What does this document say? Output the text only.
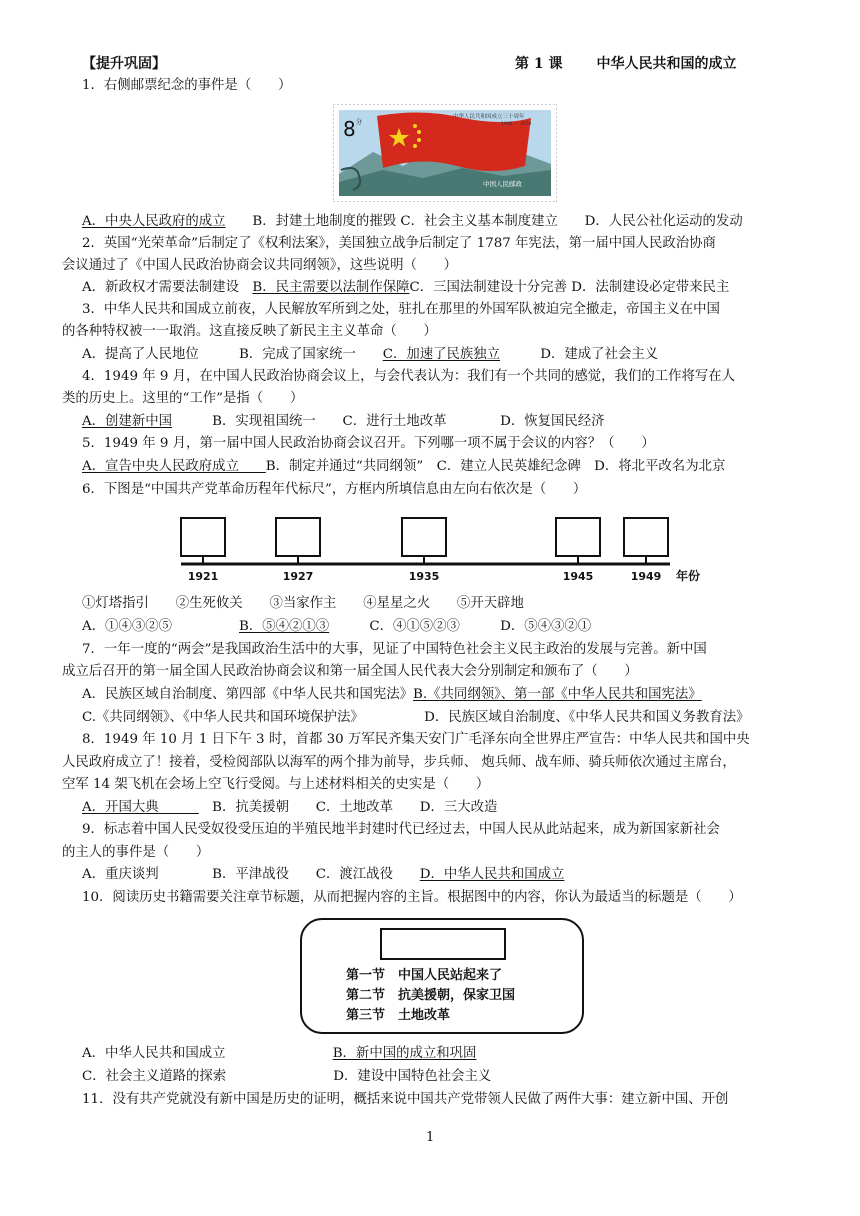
【提升巩固】	第 1 课 中华人民共和国的成立
1．右侧邮票纪念的事件是（　　）
8 分
中华人民共和国成立三十周年
1949 — 1979
中国人民邮政
A．中央人民政府的成立　　B．封建土地制度的摧毁 C．社会主义基本制度建立　　D．人民公社化运动的发动
2．英国“光荣革命”后制定了《权利法案》，美国独立战争后制定了 1787 年宪法，第一届中国人民政治协商
会议通过了《中国人民政治协商会议共同纲领》，这些说明（　　）
A．新政权才需要法制建设　B．民主需要以法制作保障C．三国法制建设十分完善 D．法制建设必定带来民主
3．中华人民共和国成立前夜，人民解放军所到之处，驻扎在那里的外国军队被迫完全撤走，帝国主义在中国
的各种特权被一一取消。这直接反映了新民主主义革命（　　）
A．提高了人民地位　　　B．完成了国家统一　　C．加速了民族独立　　　D．建成了社会主义
4．1949 年 9 月，在中国人民政治协商会议上，与会代表认为：我们有一个共同的感觉，我们的工作将写在人
类的历史上。这里的“工作”是指（　　）
A．创建新中国　　　B．实现祖国统一　　C．进行土地改革　　　　D．恢复国民经济
5．1949 年 9 月，第一届中国人民政治协商会议召开。下列哪一项不属于会议的内容？（　　）
A．宣告中央人民政府成立　　B．制定并通过“共同纲领”　C．建立人民英雄纪念碑　D．将北平改名为北京
6．下图是“中国共产党革命历程年代标尺”，方框内所填信息由左向右依次是（　　）
1921	1927	1935	1945	1949 年份
①灯塔指引　　②生死攸关　　③当家作主　　④星星之火　　⑤开天辟地
A．①④③②⑤　　　　　B．⑤④②①③　　　C．④①⑤②③　　　D．⑤④③②①
7．一年一度的“两会”是我国政治生活中的大事，见证了中国特色社会主义民主政治的发展与完善。新中国
成立后召开的第一届全国人民政治协商会议和第一届全国人民代表大会分别制定和颁布了（　　）
A．民族区域自治制度、第四部《中华人民共和国宪法》B.《共同纲领》、第一部《中华人民共和国宪法》
C.《共同纲领》、《中华人民共和国环境保护法》　　　　　D．民族区域自治制度、《中华人民共和国义务教育法》
8．1949 年 10 月 1 日下午 3 时，首都 30 万军民齐集天安门广毛泽东向全世界庄严宣告：中华人民共和国中央
人民政府成立了！接着，受检阅部队以海军的两个排为前导，步兵师、 炮兵师、战车师、骑兵师依次通过主席台，
空军 14 架飞机在会场上空飞行受阅。与上述材料相关的史实是（　　）
A．开国大典　　　　B．抗美援朝　　C．土地改革　　D．三大改造
9．标志着中国人民受奴役受压迫的半殖民地半封建时代已经过去，中国人民从此站起来，成为新国家新社会
的主人的事件是（　　）
A．重庆谈判　　　　B．平津战役　　C．渡江战役　　D．中华人民共和国成立
10．阅读历史书籍需要关注章节标题，从而把握内容的主旨。根据图中的内容，你认为最适当的标题是（　　）
第一节　中国人民站起来了
第二节　抗美援朝，保家卫国
第三节　土地改革
A．中华人民共和国成立　　　　　　　　B．新中国的成立和巩固
C．社会主义道路的探索　　　　　　　　D．建设中国特色社会主义
11．没有共产党就没有新中国是历史的证明，概括来说中国共产党带领人民做了两件大事：建立新中国、开创
1
